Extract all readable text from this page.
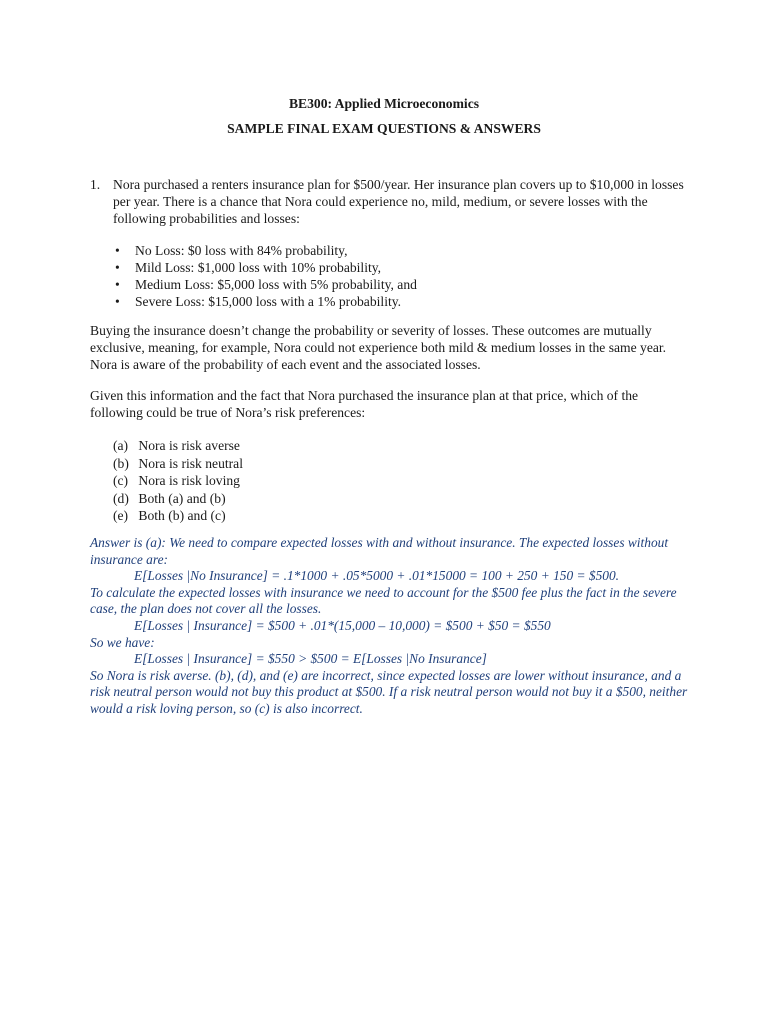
BE300: Applied Microeconomics
SAMPLE FINAL EXAM QUESTIONS & ANSWERS
1. Nora purchased a renters insurance plan for $500/year. Her insurance plan covers up to $10,000 in losses per year. There is a chance that Nora could experience no, mild, medium, or severe losses with the following probabilities and losses:
• No Loss: $0 loss with 84% probability,
• Mild Loss: $1,000 loss with 10% probability,
• Medium Loss: $5,000 loss with 5% probability, and
• Severe Loss: $15,000 loss with a 1% probability.
Buying the insurance doesn’t change the probability or severity of losses. These outcomes are mutually exclusive, meaning, for example, Nora could not experience both mild & medium losses in the same year. Nora is aware of the probability of each event and the associated losses.
Given this information and the fact that Nora purchased the insurance plan at that price, which of the following could be true of Nora’s risk preferences:
(a) Nora is risk averse
(b) Nora is risk neutral
(c) Nora is risk loving
(d) Both (a) and (b)
(e) Both (b) and (c)
Answer is (a): We need to compare expected losses with and without insurance. The expected losses without insurance are:
E[Losses |No Insurance] = .1*1000 + .05*5000 + .01*15000 = 100 + 250 + 150 = $500.
To calculate the expected losses with insurance we need to account for the $500 fee plus the fact in the severe case, the plan does not cover all the losses.
E[Losses | Insurance] = $500 + .01*(15,000 – 10,000) = $500 + $50 = $550
So we have:
E[Losses | Insurance] = $550 > $500 = E[Losses |No Insurance]
So Nora is risk averse. (b), (d), and (e) are incorrect, since expected losses are lower without insurance, and a risk neutral person would not buy this product at $500. If a risk neutral person would not buy it a $500, neither would a risk loving person, so (c) is also incorrect.
